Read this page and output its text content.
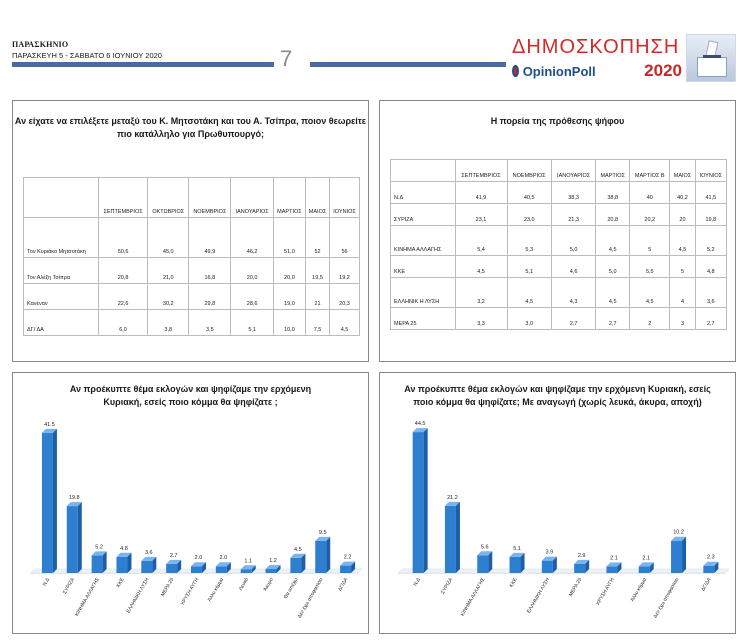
ΠΑΡΑΣΚΗΝΙΟ
ΠΑΡΑΣΚΕΥΗ 5 - ΣΑΒΒΑΤΟ 6 ΙΟΥΝΙΟΥ 2020	7	ΔΗΜΟΣΚΟΠΗΣΗ
OpinionPoll	2020
Αν είχατε να επιλέξετε μεταξύ του Κ. Μητσοτάκη και του Α. Τσίπρα, ποιον θεωρείτε πιο κατάλληλο για Πρωθυπουργό;
	ΣΕΠΤΕΜΒΡΙΟΣ	ΟΚΤΩΒΡΙΟΣ	ΝΟΕΜΒΡΙΟΣ	ΙΑΝΟΥΑΡΙΟΣ	ΜΑΡΤΙΟΣ	ΜΑΙΟΣ	ΙΟΥΝΙΟΣ
Τον Κυριάκο Μητσοτάκη	50,6	45,0	49,9	46,2	51,0	52	56
Τον Αλέξη Τσίπρα	20,8	21,0	16,8	20,0	20,0	19,5	19,2
Κανέναν	22,6	30,2	29,8	28,6	19,0	21	20,3
ΔΓ/ ΔΑ	6,0	3,8	3,5	5,1	10,0	7,5	4,5
Η πορεία της πρόθεσης ψήφου
	ΣΕΠΤΕΜΒΡΙΟΣ	ΝΟΕΜΒΡΙΟΣ	ΙΑΝΟΥΑΡΙΟΣ	ΜΑΡΤΙΟΣ	ΜΑΡΤΙΟΣ Β	ΜΑΙΟΣ	ΙΟΥΝΙΟΣ
Ν.Δ	41,9	40,5	38,3	38,8	40	40,2	41,5
ΣΥΡΙΖΑ	23,1	23,0	21,3	20,8	20,2	20	19,8
ΚΙΝΗΜΑ ΑΛΛΑΓΗΣ	5,4	5,3	5,0	4,5	5	4,5	5,2
ΚΚΕ	4,5	5,1	4,6	5,0	5,5	5	4,8
ΕΛΛΗΝΙΚ Η ΛΥΣΗ	3,2	4,5	4,3	4,5	4,5	4	3,6
ΜΕΡΑ 25	3,3	3,0	2,7	2,7	2	3	2,7
Αν προέκυπτε θέμα εκλογών και ψηφίζαμε την ερχόμενη Κυριακή, εσείς ποιο κόμμα θα ψηφίζατε ;
41.5
Ν.Δ
19.8
ΣΥΡΙΖΑ
5.2
ΚΙΝΗΜΑ ΑΛΛΑΓΗΣ
4.8
ΚΚΕ
3.6
ΕΛΛΗΝΙΚΗ ΛΥΣΗ
2.7
ΜΕΡΑ 25
2.0
ΧΡΥΣΗ ΑΥΓΗ
2.0
Άλλο κόμμα
1.1
Λευκό
1.2
Άκυρο
4.5
Θα απέχω
9.5
Δεν έχω αποφασίσει
2.2
ΔΓ/ΔΑ
Αν προέκυπτε θέμα εκλογών και ψηφίζαμε την ερχόμενη Κυριακή, εσείς ποιο κόμμα θα ψηφίζατε; Με αναγωγή (χωρίς λευκά, άκυρα, αποχή)
44.5
Ν.Δ
21.2
ΣΥΡΙΖΑ
5.6
ΚΙΝΗΜΑ ΑΛΛΑΓΗΣ
5.1
ΚΚΕ
3.9
ΕΛΛΗΝΙΚΗ ΛΥΣΗ
2.9
ΜΕΡΑ 25
2.1
ΧΡΥΣΗ ΑΥΓΗ
2.1
Άλλο κόμμα
10.2
Δεν έχω αποφασίσει
2.3
ΔΓ/ΔΑ
